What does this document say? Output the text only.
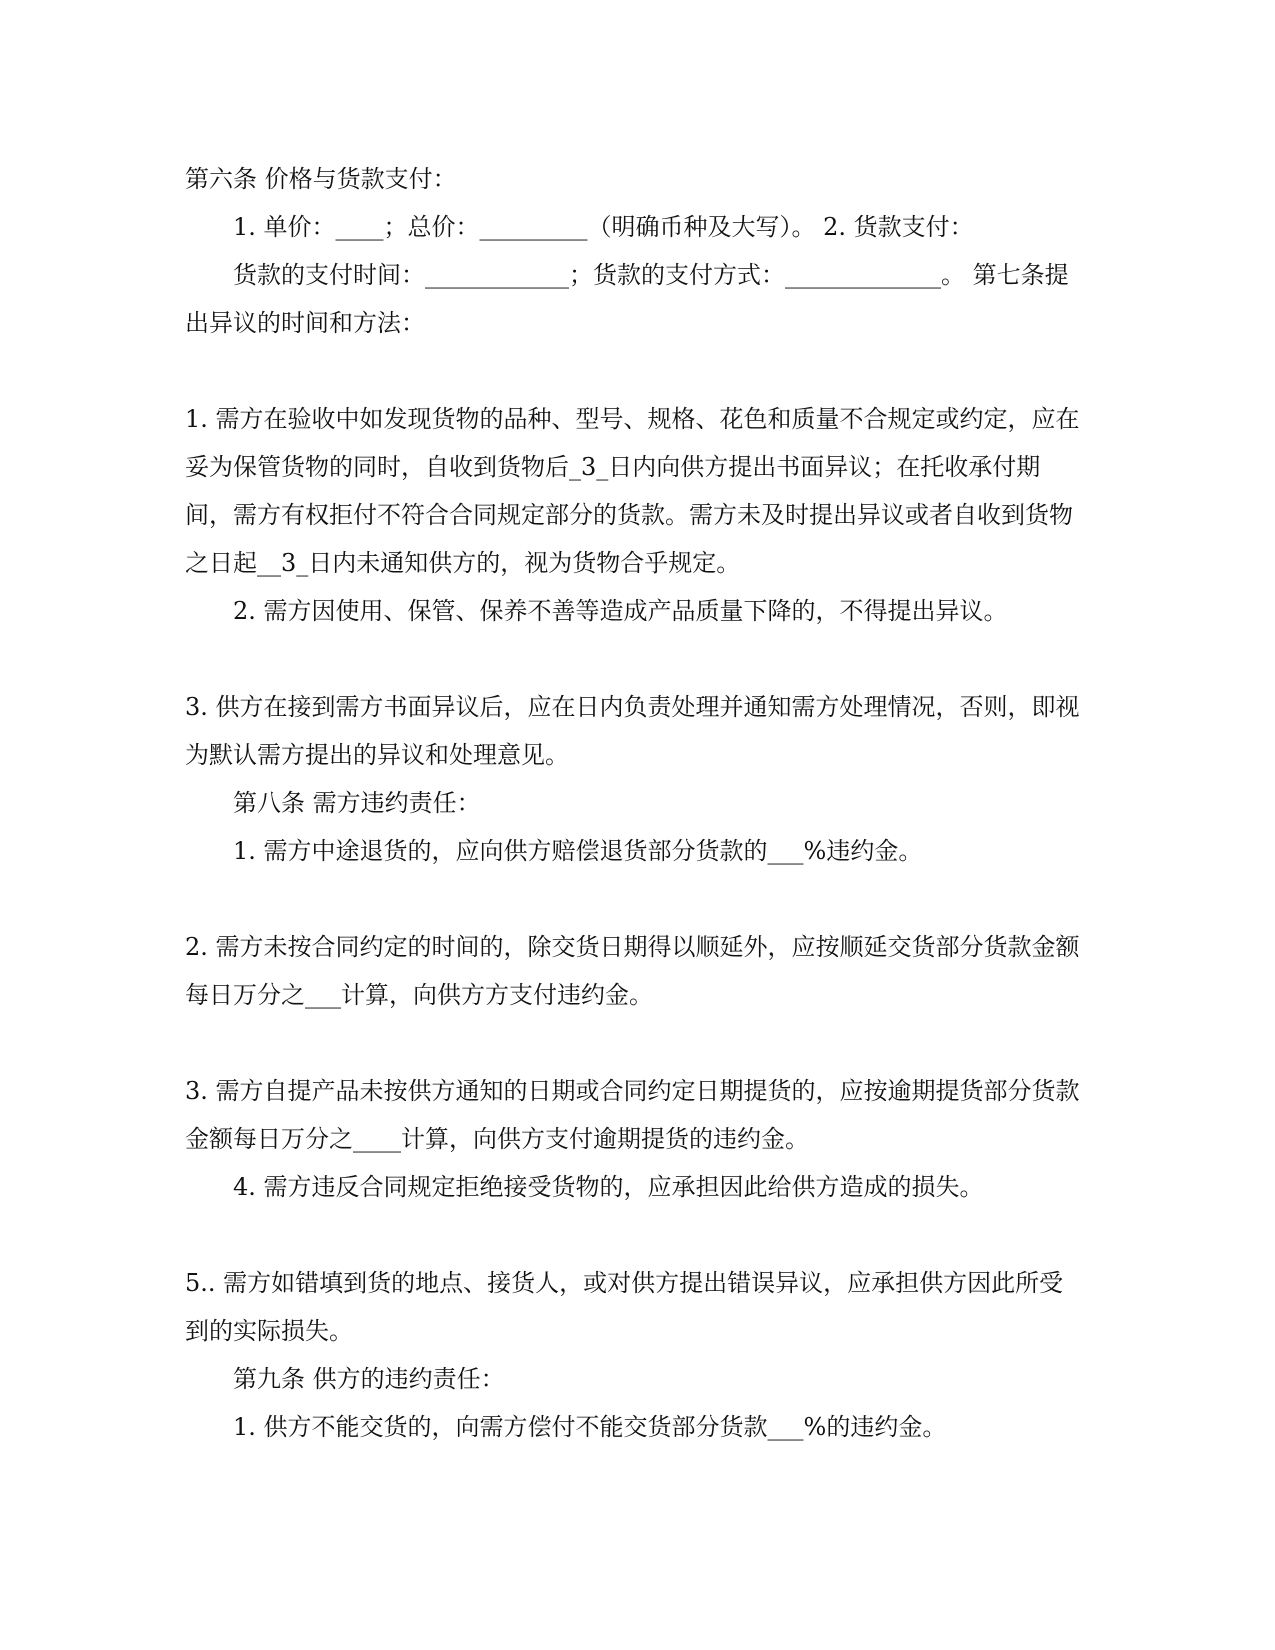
第六条 价格与货款支付：

1. 单价：____；总价：_________（明确币种及大写）。 2. 货款支付：

货款的支付时间：____________；货款的支付方式：_____________。 第七条提出异议的时间和方法：

1. 需方在验收中如发现货物的品种、型号、规格、花色和质量不合规定或约定，应在妥为保管货物的同时，自收到货物后_3_日内向供方提出书面异议；在托收承付期间，需方有权拒付不符合合同规定部分的货款。需方未及时提出异议或者自收到货物之日起__3_日内未通知供方的，视为货物合乎规定。

2. 需方因使用、保管、保养不善等造成产品质量下降的，不得提出异议。

3. 供方在接到需方书面异议后，应在日内负责处理并通知需方处理情况，否则，即视为默认需方提出的异议和处理意见。

第八条 需方违约责任：

1. 需方中途退货的，应向供方赔偿退货部分货款的___%违约金。

2. 需方未按合同约定的时间的，除交货日期得以顺延外，应按顺延交货部分货款金额每日万分之___计算，向供方方支付违约金。

3. 需方自提产品未按供方通知的日期或合同约定日期提货的，应按逾期提货部分货款金额每日万分之____计算，向供方支付逾期提货的违约金。

4. 需方违反合同规定拒绝接受货物的，应承担因此给供方造成的损失。

5.. 需方如错填到货的地点、接货人，或对供方提出错误异议，应承担供方因此所受到的实际损失。

第九条 供方的违约责任：

1. 供方不能交货的，向需方偿付不能交货部分货款___%的违约金。
